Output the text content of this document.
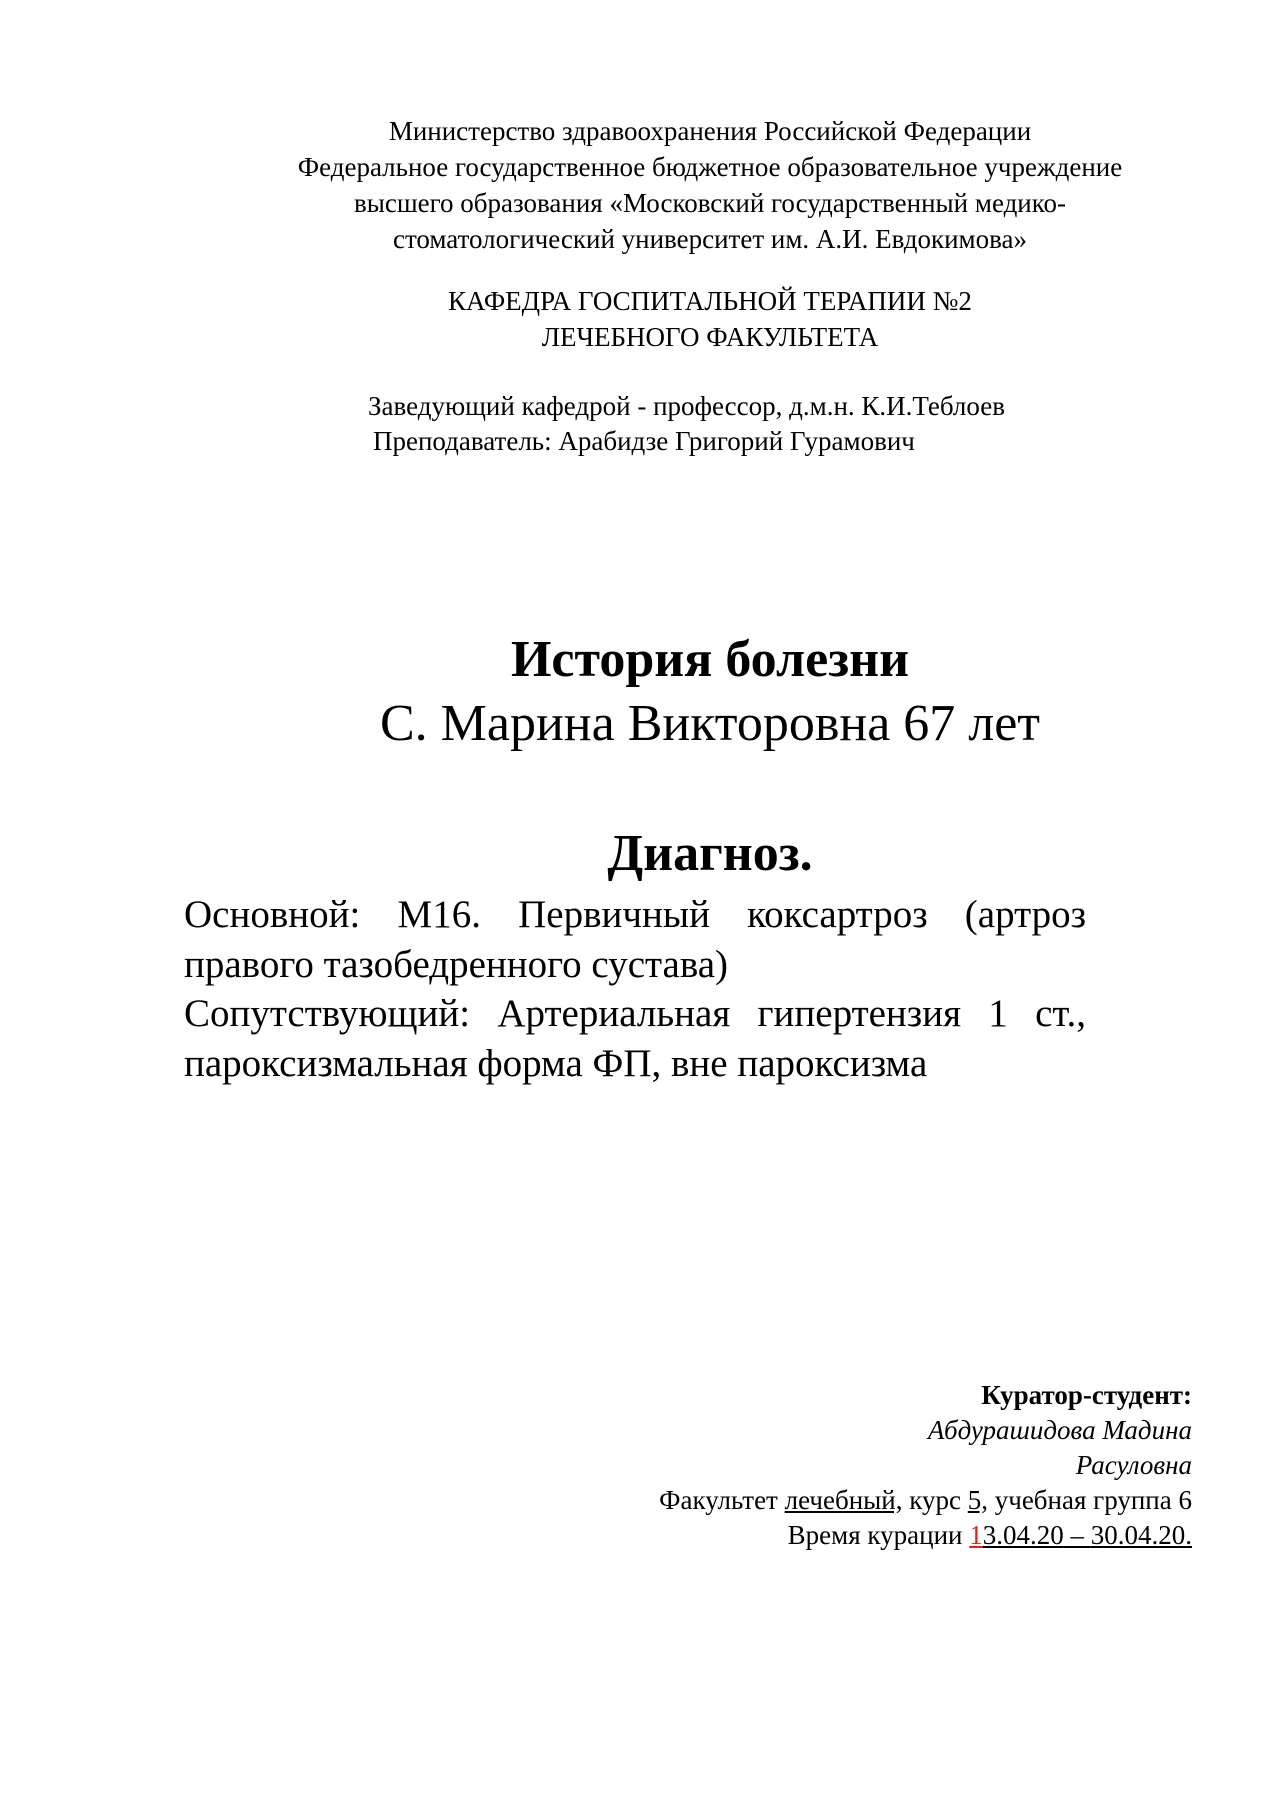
Министерство здравоохранения Российской Федерации
Федеральное государственное бюджетное образовательное учреждение
высшего образования «Московский государственный медико-
стоматологический университет им. А.И. Евдокимова»
КАФЕДРА ГОСПИТАЛЬНОЙ ТЕРАПИИ №2
ЛЕЧЕБНОГО ФАКУЛЬТЕТА
Заведующий кафедрой - профессор, д.м.н. К.И.Теблоев
Преподаватель: Арабидзе Григорий Гурамович
История болезни
С. Марина Викторовна 67 лет
Диагноз.

Основной: М16. Первичный коксартроз (артроз правого тазобедренного сустава)

Сопутствующий: Артериальная гипертензия 1 ст., пароксизмальная форма ФП, вне пароксизма

Куратор-студент:
Абдурашидова Мадина
Расуловна
Факультет лечебный, курс 5, учебная группа 6
Время курации 13.04.20 – 30.04.20.
